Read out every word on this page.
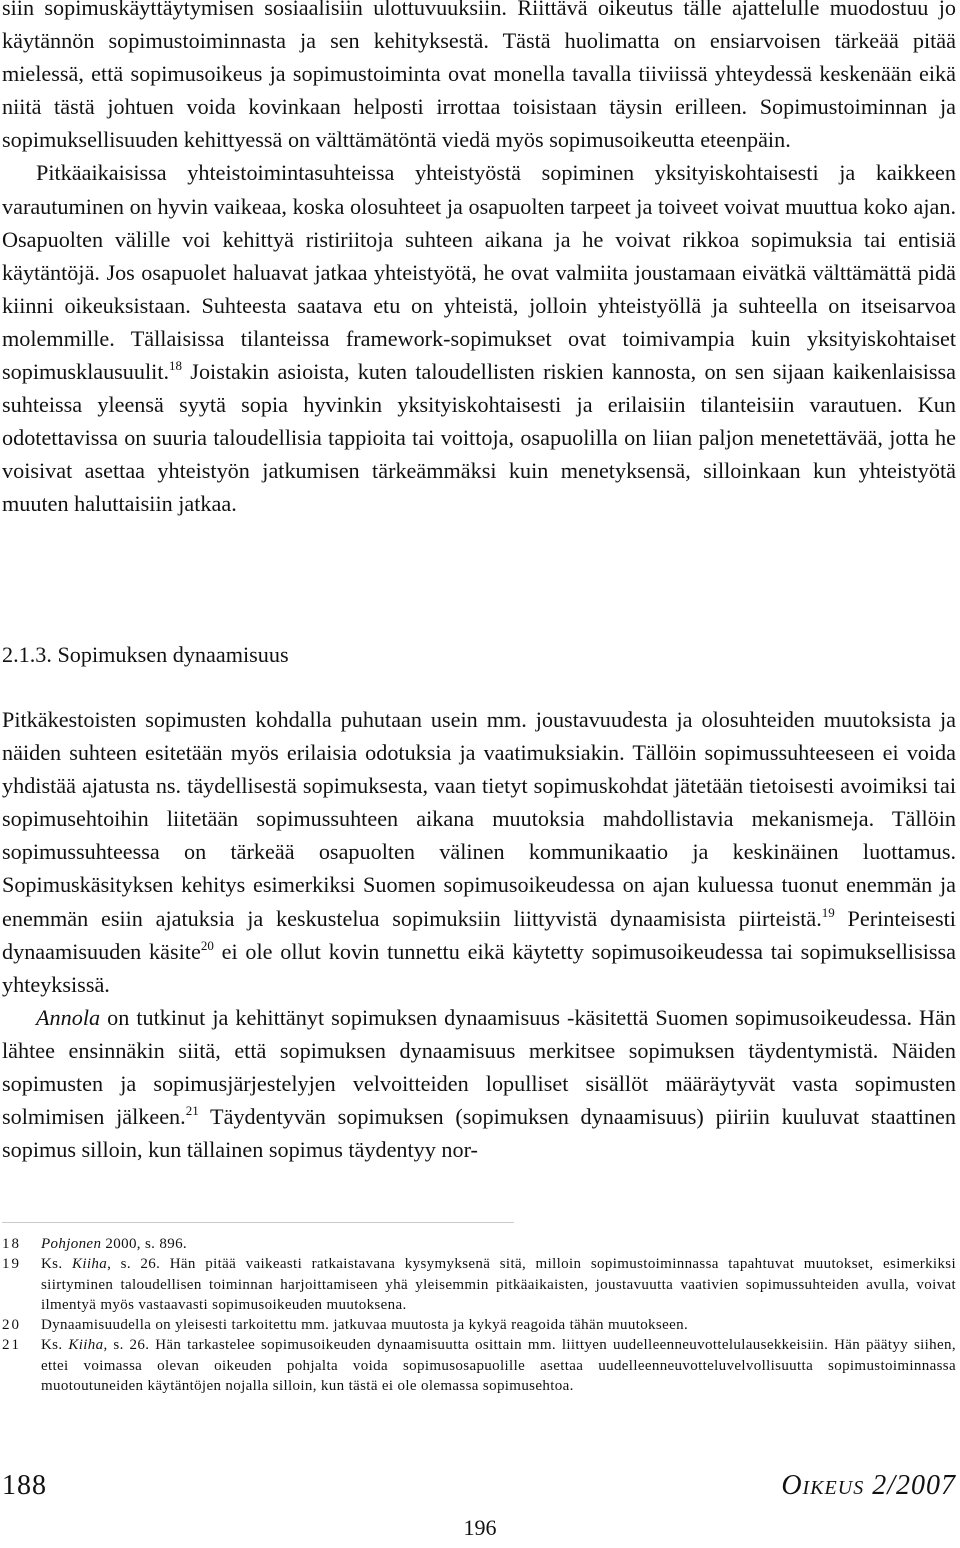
siin sopimuskäyttäytymisen sosiaalisiin ulottuvuuksiin. Riittävä oikeutus tälle ajattelulle muodostuu jo käytännön sopimustoiminnasta ja sen kehityksestä. Tästä huolimatta on ensiarvoisen tärkeää pitää mielessä, että sopimusoikeus ja sopimustoiminta ovat monella tavalla tiiviissä yhteydessä keskenään eikä niitä tästä johtuen voida kovinkaan helposti irrottaa toisistaan täysin erilleen. Sopimustoiminnan ja sopimuksellisuuden kehittyessä on välttämätöntä viedä myös sopimusoikeutta eteenpäin.

Pitkäaikaisissa yhteistoimintasuhteissa yhteistyöstä sopiminen yksityiskohtaisesti ja kaikkeen varautuminen on hyvin vaikeaa, koska olosuhteet ja osapuolten tarpeet ja toiveet voivat muuttua koko ajan. Osapuolten välille voi kehittyä ristiriitoja suhteen aikana ja he voivat rikkoa sopimuksia tai entisiä käytäntöjä. Jos osapuolet haluavat jatkaa yhteistyötä, he ovat valmiita joustamaan eivätkä välttämättä pidä kiinni oikeuksistaan. Suhteesta saatava etu on yhteistä, jolloin yhteistyöllä ja suhteella on itseisarvoa molemmille. Tällaisissa tilanteissa framework-sopimukset ovat toimivampia kuin yksityiskohtaiset sopimusklausuulit.$^{18}$ Joistakin asioista, kuten taloudellisten riskien kannosta, on sen sijaan kaikenlaisissa suhteissa yleensä syytä sopia hyvinkin yksityiskohtaisesti ja erilaisiin tilanteisiin varautuen. Kun odotettavissa on suuria taloudellisia tappioita tai voittoja, osapuolilla on liian paljon menetettävää, jotta he voisivat asettaa yhteistyön jatkumisen tärkeämmäksi kuin menetyksensä, silloinkaan kun yhteistyötä muuten haluttaisiin jatkaa.

2.1.3. Sopimuksen dynaamisuus

Pitkäkestoisten sopimusten kohdalla puhutaan usein mm. joustavuudesta ja olosuhteiden muutoksista ja näiden suhteen esitetään myös erilaisia odotuksia ja vaatimuksiakin. Tällöin sopimussuhteeseen ei voida yhdistää ajatusta ns. täydellisestä sopimuksesta, vaan tietyt sopimuskohdat jätetään tietoisesti avoimiksi tai sopimusehtoihin liitetään sopimussuhteen aikana muutoksia mahdollistavia mekanismeja. Tällöin sopimussuhteessa on tärkeää osapuolten välinen kommunikaatio ja keskinäinen luottamus. Sopimuskäsityksen kehitys esimerkiksi Suomen sopimusoikeudessa on ajan kuluessa tuonut enemmän ja enemmän esiin ajatuksia ja keskustelua sopimuksiin liittyvistä dynaamisista piirteistä.$^{19}$ Perinteisesti dynaamisuuden käsite$^{20}$ ei ole ollut kovin tunnettu eikä käytetty sopimusoikeudessa tai sopimuksellisissa yhteyksissä.

Annola on tutkinut ja kehittänyt sopimuksen dynaamisuus -käsitettä Suomen sopimusoikeudessa. Hän lähtee ensinnäkin siitä, että sopimuksen dynaamisuus merkitsee sopimuksen täydentymistä. Näiden sopimusten ja sopimusjärjestelyjen velvoitteiden lopulliset sisällöt määräytyvät vasta sopimusten solmimisen jälkeen.$^{21}$ Täydentyvän sopimuksen (sopimuksen dynaamisuus) piiriin kuuluvat staattinen sopimus silloin, kun tällainen sopimus täydentyy nor-

18 Pohjonen 2000, s. 896.
19 Ks. Kiiha, s. 26. Hän pitää vaikeasti ratkaistavana kysymyksenä sitä, milloin sopimustoiminnassa tapahtuvat muutokset, esimerkiksi siirtyminen taloudellisen toiminnan harjoittamiseen yhä yleisemmin pitkäaikaisten, joustavuutta vaativien sopimussuhteiden avulla, voivat ilmentyä myös vastaavasti sopimusoikeuden muutoksena.
20 Dynaamisuudella on yleisesti tarkoitettu mm. jatkuvaa muutosta ja kykyä reagoida tähän muutokseen.
21 Ks. Kiiha, s. 26. Hän tarkastelee sopimusoikeuden dynaamisuutta osittain mm. liittyen uudelleenneuvottelulausekkeisiin. Hän päätyy siihen, ettei voimassa olevan oikeuden pohjalta voida sopimusosapuolille asettaa uudelleenneuvotteluvelvollisuutta sopimustoiminnassa muotoutuneiden käytäntöjen nojalla silloin, kun tästä ei ole olemassa sopimusehtoa.
188	Oikeus 2/2007
196
